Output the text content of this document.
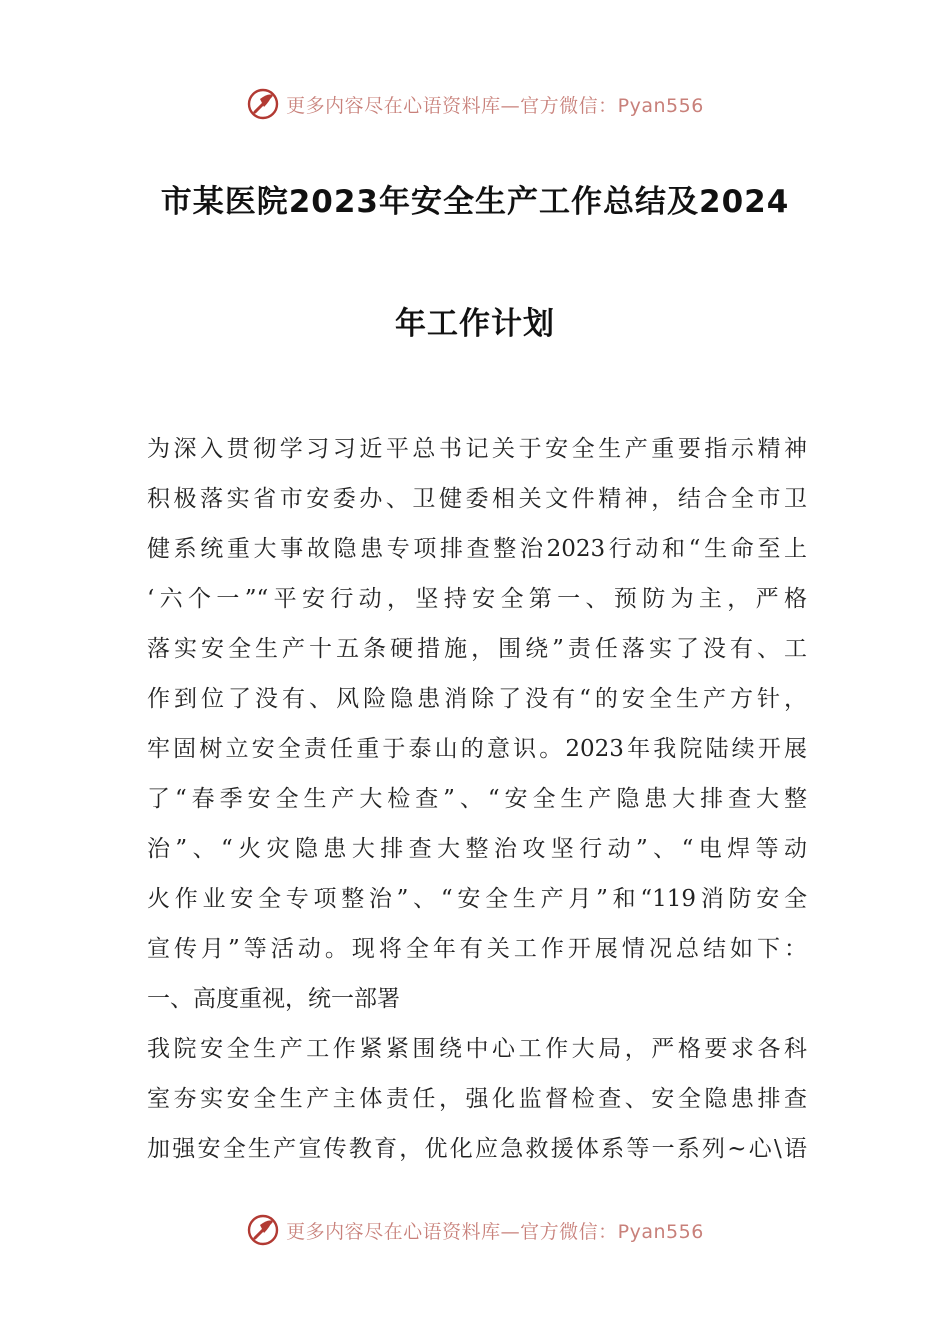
更多内容尽在心语资料库—官方微信：Pyan556
市某医院2023年安全生产工作总结及2024
年工作计划
为深入贯彻学习习近平总书记关于安全生产重要指示精神
积极落实省市安委办、卫健委相关文件精神，结合全市卫
健系统重大事故隐患专项排查整治2023行动和“生命至上
‘六个一”“平安行动，坚持安全第一、预防为主，严格
落实安全生产十五条硬措施，围绕”责任落实了没有、工
作到位了没有、风险隐患消除了没有“的安全生产方针，
牢固树立安全责任重于泰山的意识。2023年我院陆续开展
了“春季安全生产大检查”、“安全生产隐患大排查大整
治”、“火灾隐患大排查大整治攻坚行动”、“电焊等动
火作业安全专项整治”、“安全生产月”和“119消防安全
宣传月”等活动。现将全年有关工作开展情况总结如下：
一、高度重视，统一部署
我院安全生产工作紧紧围绕中心工作大局，严格要求各科
室夯实安全生产主体责任，强化监督检查、安全隐患排查
加强安全生产宣传教育，优化应急救援体系等一系列~心\语
更多内容尽在心语资料库—官方微信：Pyan556
